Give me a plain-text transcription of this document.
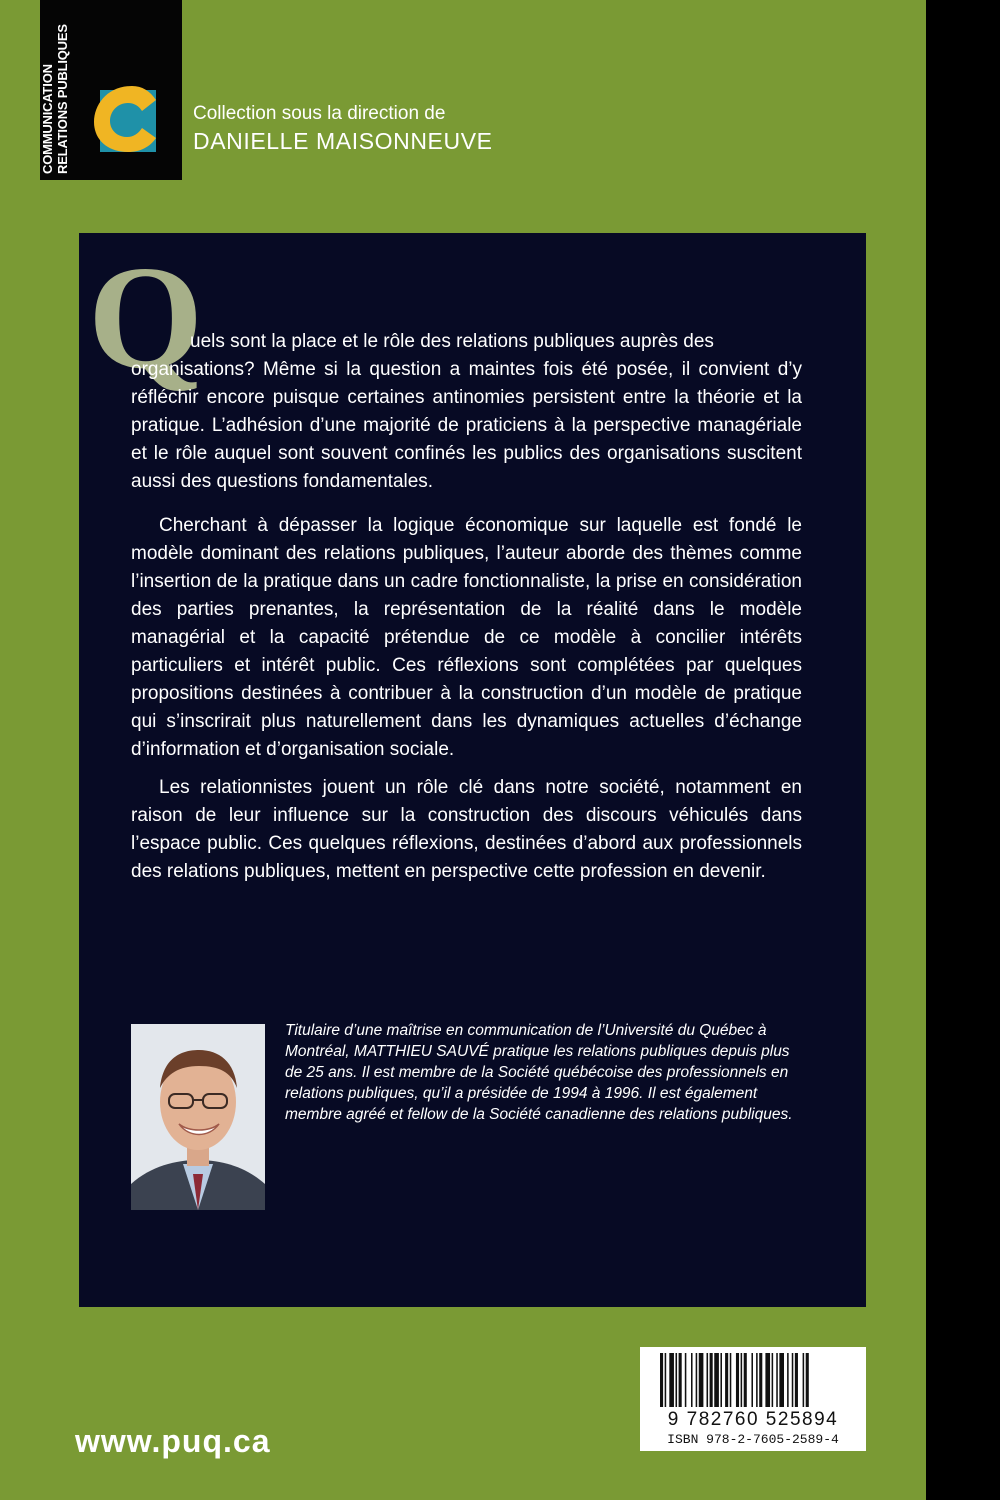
COMMUNICATION RELATIONS PUBLIQUES	Collection sous la direction de
DANIELLE MAISONNEUVE
Q

uels sont la place et le rôle des relations publiques auprès des
organisations? Même si la question a maintes fois été posée, il convient d’y réfléchir encore puisque certaines antinomies persistent entre la théorie et la pratique. L’adhésion d’une majorité de praticiens à la perspective managériale et le rôle auquel sont souvent confinés les publics des organisations suscitent aussi des questions fondamentales.

Cherchant à dépasser la logique économique sur laquelle est fondé le modèle dominant des relations publiques, l’auteur aborde des thèmes comme l’insertion de la pratique dans un cadre fonctionnaliste, la prise en considération des parties prenantes, la représentation de la réalité dans le modèle managérial et la capacité prétendue de ce modèle à concilier intérêts particuliers et intérêt public. Ces réflexions sont complétées par quelques propositions destinées à contribuer à la construction d’un modèle de pratique qui s’inscrirait plus naturellement dans les dynamiques actuelles d’échange d’information et d’organisation sociale.

Les relationnistes jouent un rôle clé dans notre société, notamment en raison de leur influence sur la construction des discours véhiculés dans l’espace public. Ces quelques réflexions, destinées d’abord aux professionnels des relations publiques, mettent en perspective cette profession en devenir.

Titulaire d’une maîtrise en communication de l’Université du Québec à Montréal, MATTHIEU SAUVÉ pratique les relations publiques depuis plus de 25 ans. Il est membre de la Société québécoise des professionnels en relations publiques, qu’il a présidée de 1994 à 1996. Il est également membre agréé et fellow de la Société canadienne des relations publiques.

www.puq.ca
9 782760 525894
ISBN 978-2-7605-2589-4
